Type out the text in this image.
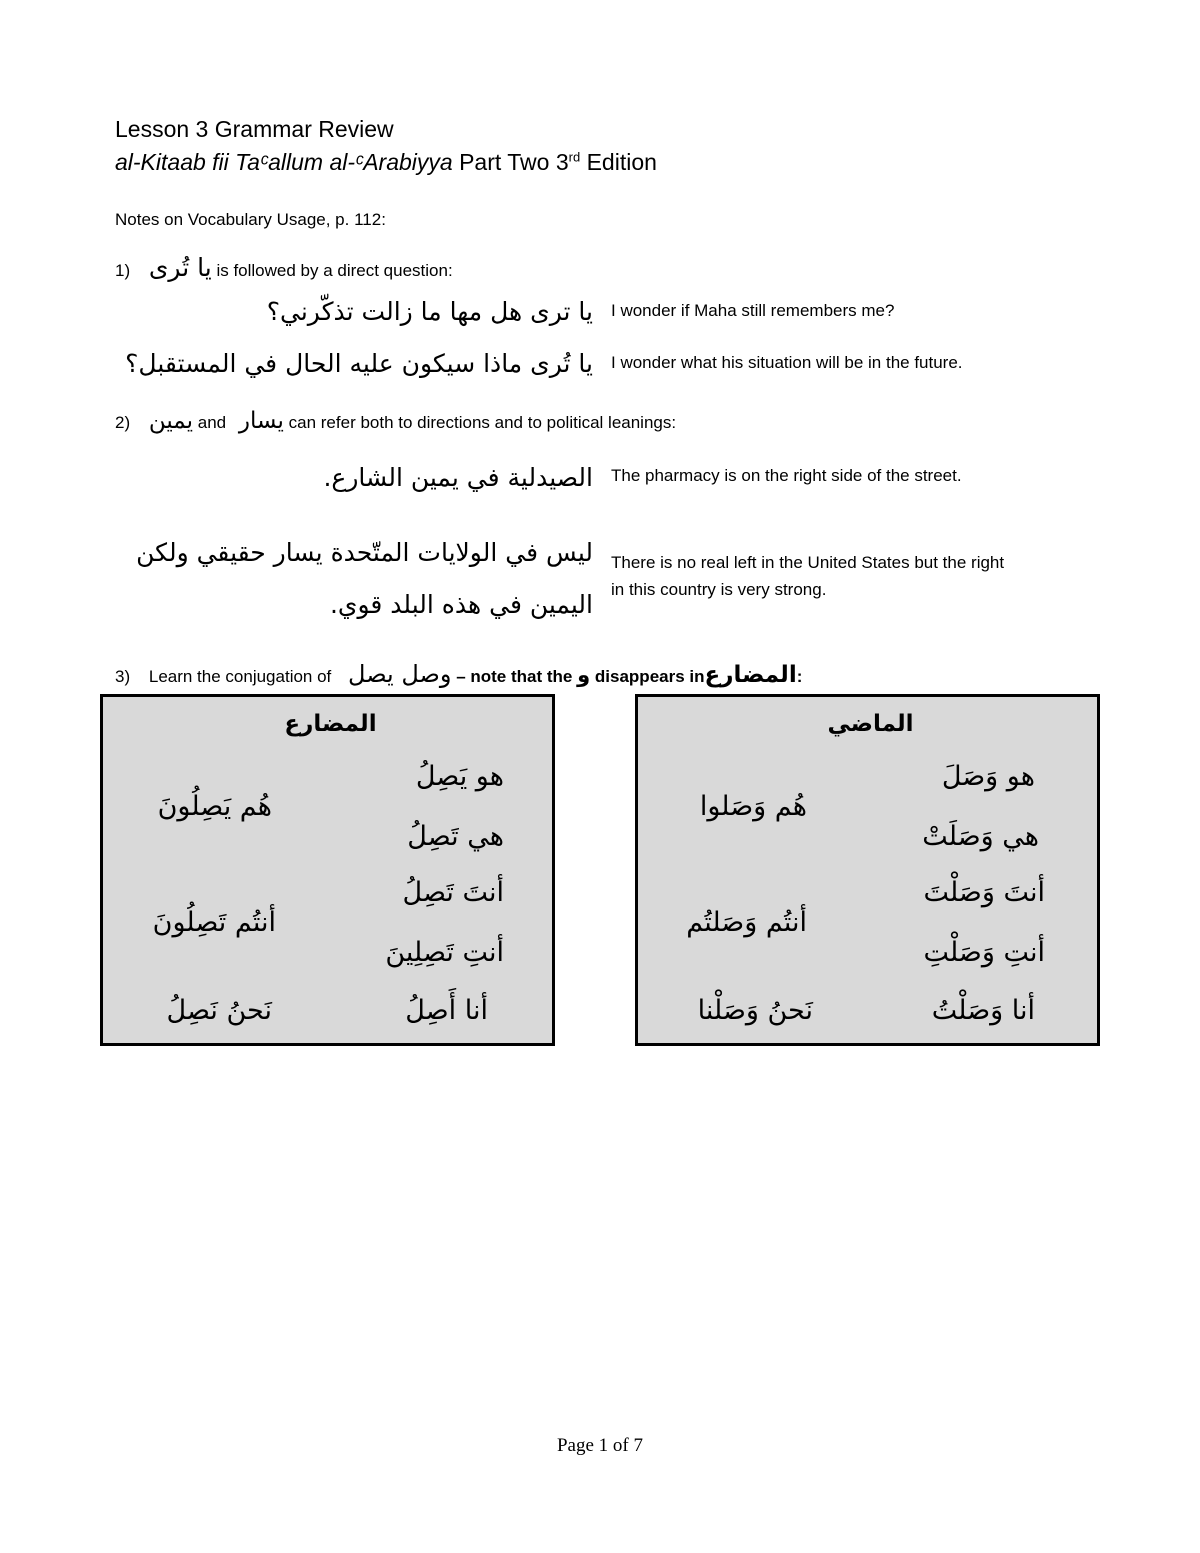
Lesson 3 Grammar Review
al-Kitaab fii Taᶜallum al-ᶜArabiyya Part Two 3rd Edition
Notes on Vocabulary Usage, p. 112:
1) يا تُرى is followed by a direct question:
يا ترى هل مها ما زالت تذكّرني؟ I wonder if Maha still remembers me?
يا تُرى ماذا سيكون عليه الحال في المستقبل؟ I wonder what his situation will be in the future.
2) يمين and يسار can refer both to directions and to political leanings:
الصيدلية في يمين الشارع. The pharmacy is on the right side of the street.
ليس في الولايات المتّحدة يسار حقيقي ولكن
اليمين في هذه البلد قوي.
There is no real left in the United States but the right
in this country is very strong.
3) Learn the conjugation of وصل يصل – note that the و disappears inالمضارع:
المضارع
هو يَصِلُ
هي تَصِلُ
أنتَ تَصِلُ
أنتِ تَصِلِينَ
أنا أَصِلُ
هُم يَصِلُونَ
أنتُم تَصِلُونَ
نَحنُ نَصِلُ
الماضي
هو وَصَلَ
هي وَصَلَتْ
أنتَ وَصَلْتَ
أنتِ وَصَلْتِ
أنا وَصَلْتُ
هُم وَصَلوا
أنتُم وَصَلتُم
نَحنُ وَصَلْنا
Page 1 of 7
